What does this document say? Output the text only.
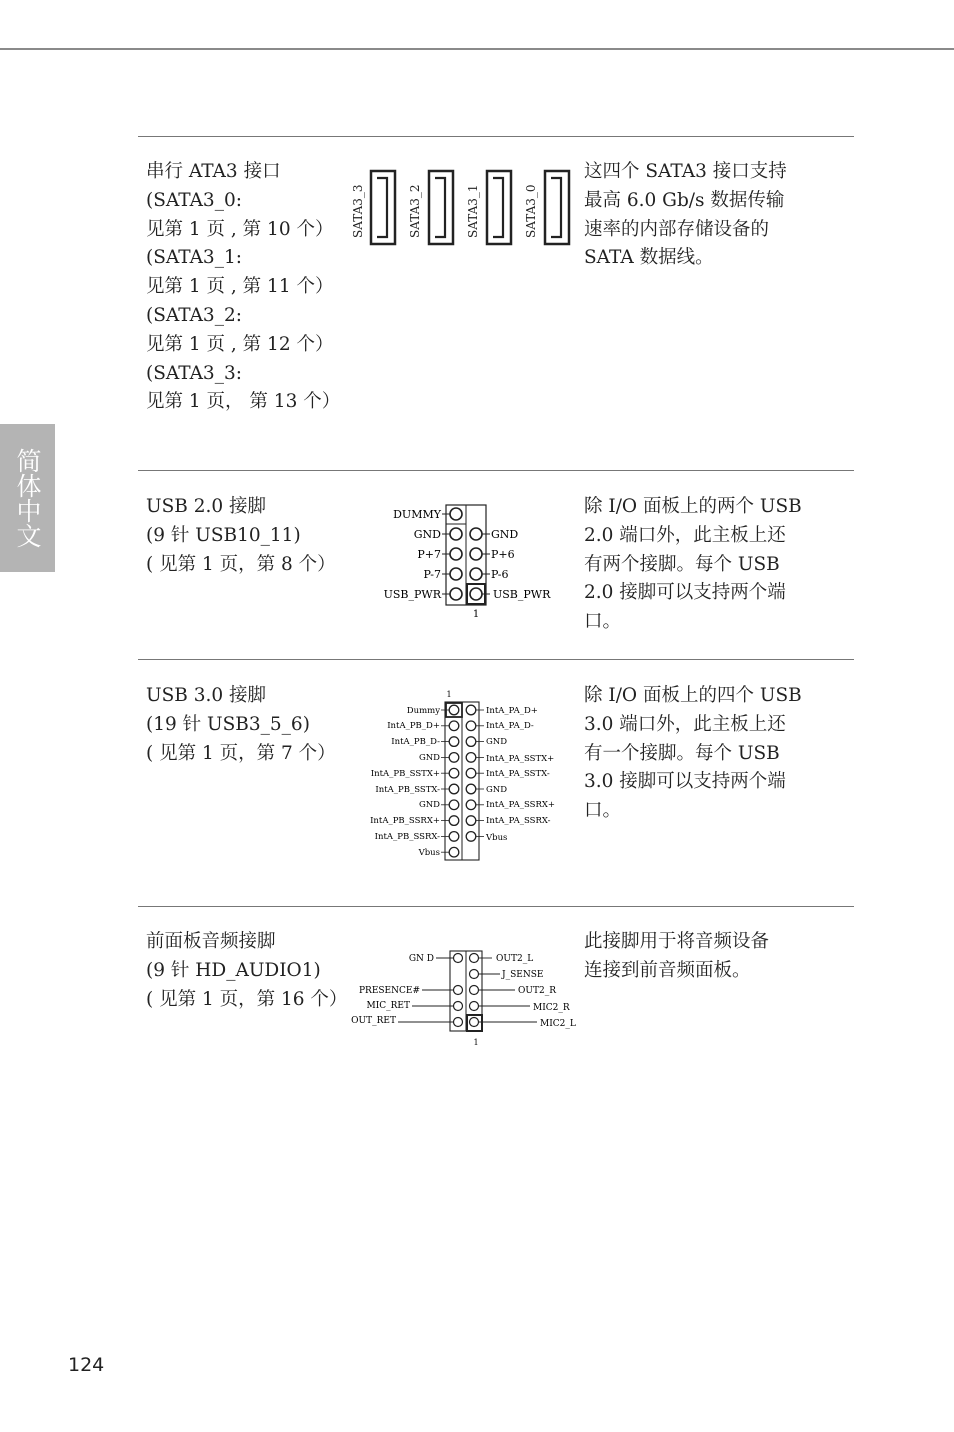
简体中文
串行 ATA3 接口
(SATA3_0:
见第 1 页 , 第 10 个）
(SATA3_1:
见第 1 页 , 第 11 个）
(SATA3_2:
见第 1 页 , 第 12 个）
(SATA3_3:
见第 1 页， 第 13 个）
这四个 SATA3 接口支持
最高 6.0 Gb/s 数据传输
速率的内部存储设备的
SATA 数据线。
SATA3_3	SATA3_2	SATA3_1	SATA3_0
USB 2.0 接脚
(9 针 USB10_11)
( 见第 1 页，第 8 个）
除 I/O 面板上的两个 USB
2.0 端口外，此主板上还
有两个接脚。每个 USB
2.0 接脚可以支持两个端
口。
DUMMY
GND
P+7
P-7
USB_PWR
GND
P+6
P-6
USB_PWR
1
USB 3.0 接脚
(19 针 USB3_5_6)
( 见第 1 页，第 7 个）
除 I/O 面板上的四个 USB
3.0 端口外，此主板上还
有一个接脚。每个 USB
3.0 接脚可以支持两个端
口。
1
Dummy
IntA_PB_D+
IntA_PB_D-
GND
IntA_PB_SSTX+
IntA_PB_SSTX-
GND
IntA_PB_SSRX+
IntA_PB_SSRX-
Vbus
IntA_PA_D+
IntA_PA_D-
GND
IntA_PA_SSTX+
IntA_PA_SSTX-
GND
IntA_PA_SSRX+
IntA_PA_SSRX-
Vbus
前面板音频接脚
(9 针 HD_AUDIO1)
( 见第 1 页，第 16 个）
此接脚用于将音频设备
连接到前音频面板。
GN D
PRESENCE#
MIC_RET
OUT_RET
OUT2_L
J_SENSE
OUT2_R
MIC2_R
MIC2_L
1
124
